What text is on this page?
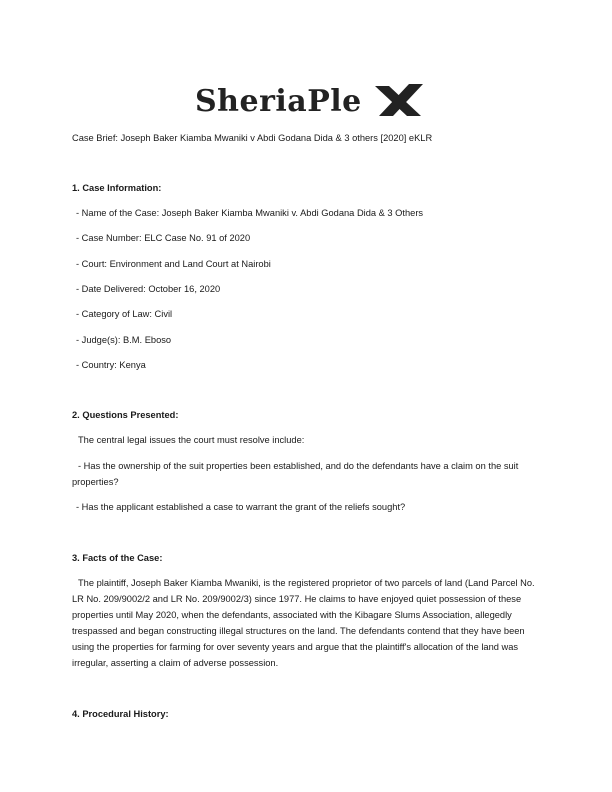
SheriaPle
Case Brief: Joseph Baker Kiamba Mwaniki v Abdi Godana Dida & 3 others [2020] eKLR
1. Case Information:
- Name of the Case: Joseph Baker Kiamba Mwaniki v. Abdi Godana Dida & 3 Others
- Case Number: ELC Case No. 91 of 2020
- Court: Environment and Land Court at Nairobi
- Date Delivered: October 16, 2020
- Category of Law: Civil
- Judge(s): B.M. Eboso
- Country: Kenya
2. Questions Presented:
The central legal issues the court must resolve include:
- Has the ownership of the suit properties been established, and do the defendants have a claim on the suit properties?
- Has the applicant established a case to warrant the grant of the reliefs sought?
3. Facts of the Case:
The plaintiff, Joseph Baker Kiamba Mwaniki, is the registered proprietor of two parcels of land (Land Parcel No. LR No. 209/9002/2 and LR No. 209/9002/3) since 1977. He claims to have enjoyed quiet possession of these properties until May 2020, when the defendants, associated with the Kibagare Slums Association, allegedly trespassed and began constructing illegal structures on the land. The defendants contend that they have been using the properties for farming for over seventy years and argue that the plaintiff's allocation of the land was irregular, asserting a claim of adverse possession.
4. Procedural History:
